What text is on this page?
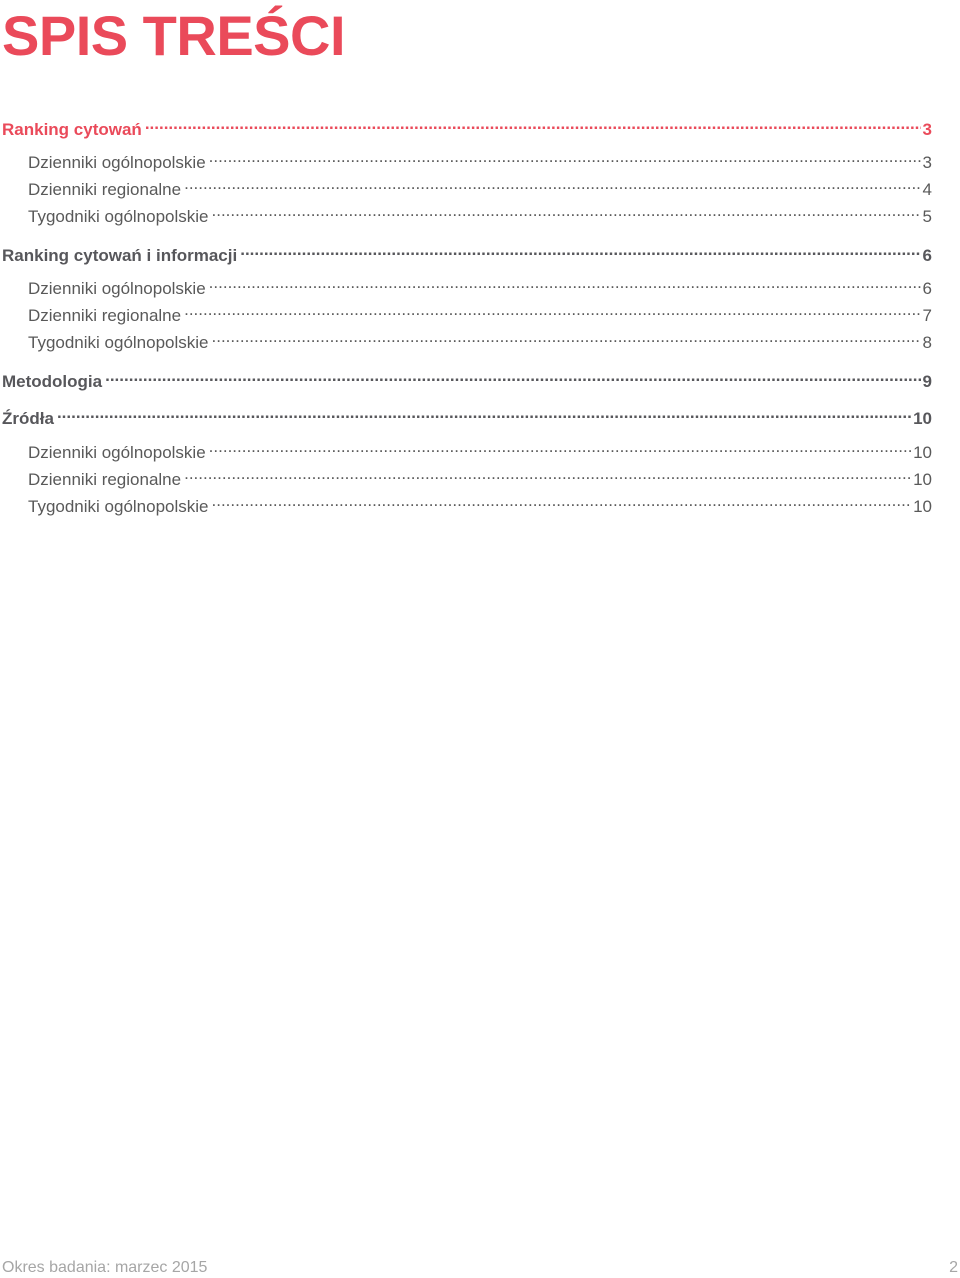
SPIS TREŚCI
Ranking cytowań .....	3
Dzienniki ogólnopolskie .....	3
Dzienniki regionalne .....	4
Tygodniki ogólnopolskie .....	5
Ranking cytowań i informacji .....	6
Dzienniki ogólnopolskie .....	6
Dzienniki regionalne .....	7
Tygodniki ogólnopolskie .....	8
Metodologia .....	9
Źródła .....	10
Dzienniki ogólnopolskie .....	10
Dzienniki regionalne .....	10
Tygodniki ogólnopolskie .....	10
Okres badania: marzec 2015	2
